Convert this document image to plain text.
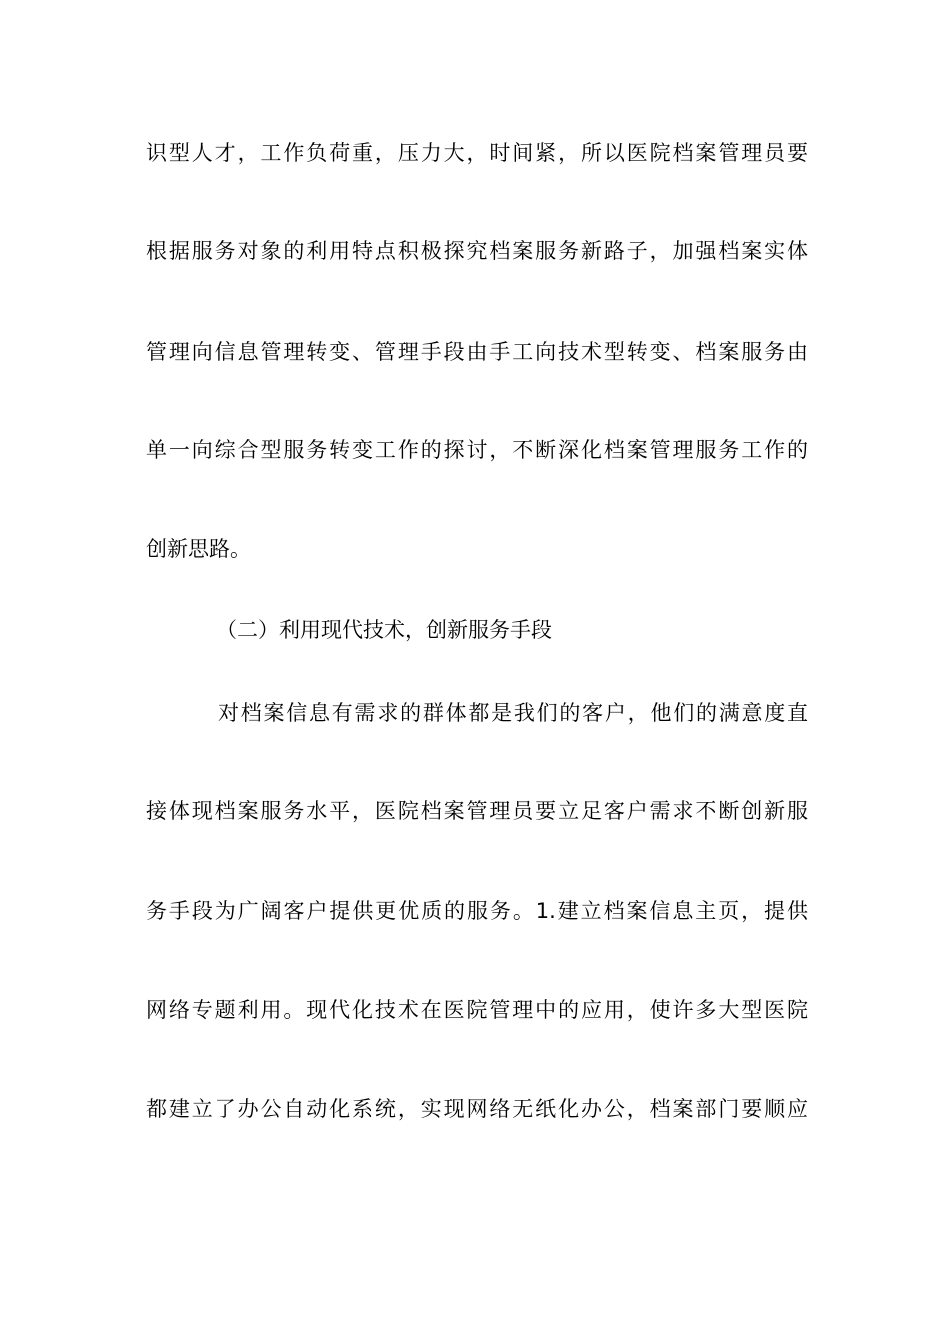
识型人才，工作负荷重，压力大，时间紧，所以医院档案管理员要
根据服务对象的利用特点积极探究档案服务新路子，加强档案实体
管理向信息管理转变、管理手段由手工向技术型转变、档案服务由
单一向综合型服务转变工作的探讨，不断深化档案管理服务工作的
创新思路。
（二）利用现代技术，创新服务手段
对档案信息有需求的群体都是我们的客户，他们的满意度直
接体现档案服务水平，医院档案管理员要立足客户需求不断创新服
务手段为广阔客户提供更优质的服务。1.建立档案信息主页，提供
网络专题利用。现代化技术在医院管理中的应用，使许多大型医院
都建立了办公自动化系统，实现网络无纸化办公，档案部门要顺应
